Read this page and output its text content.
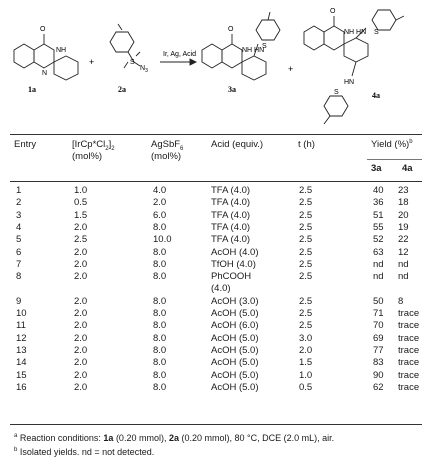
O
NH
N
S
$N_3$
O
NH HN
S
O
NH HN S
HN
S
Ir, Ag, Acid
1a	2a	3a
4a
+
+
Entry	$[IrCp*Cl_2]_2$
(mol%)
AgSbF$_6$
(mol%)
Acid (equiv.)	t (h)	Yield (%)$^b$
3a 4a
1	1.0	4.0	TFA (4.0)	2.5	40 23
2	0.5	2.0	TFA (4.0)	2.5	36 18
3	1.5	6.0	TFA (4.0)	2.5	51 20
4	2.0	8.0	TFA (4.0)	2.5	55 19
5	2.5	10.0	TFA (4.0)	2.5	52 22
6	2.0	8.0	AcOH (4.0)	2.5	63 12
7	2.0	8.0	TfOH (4.0)	2.5	nd nd
8	2.0	8.0	PhCOOH	2.5	nd nd
(4.0)
9	2.0	8.0	AcOH (3.0)	2.5	50 8
10	2.0	8.0	AcOH (5.0)	2.5	71 trace
11	2.0	8.0	AcOH (6.0)	2.5	70 trace
12	2.0	8.0	AcOH (5.0)	3.0	69 trace
13	2.0	8.0	AcOH (5.0)	2.0	77 trace
14	2.0	8.0	AcOH (5.0)	1.5	83 trace
15	2.0	8.0	AcOH (5.0)	1.0	90 trace
16	2.0	8.0	AcOH (5.0)	0.5	62 trace
$^a$ Reaction conditions: 1a (0.20 mmol), 2a (0.20 mmol), 80 °C, DCE (2.0 mL), air.
$^b$ Isolated yields. nd = not detected.
